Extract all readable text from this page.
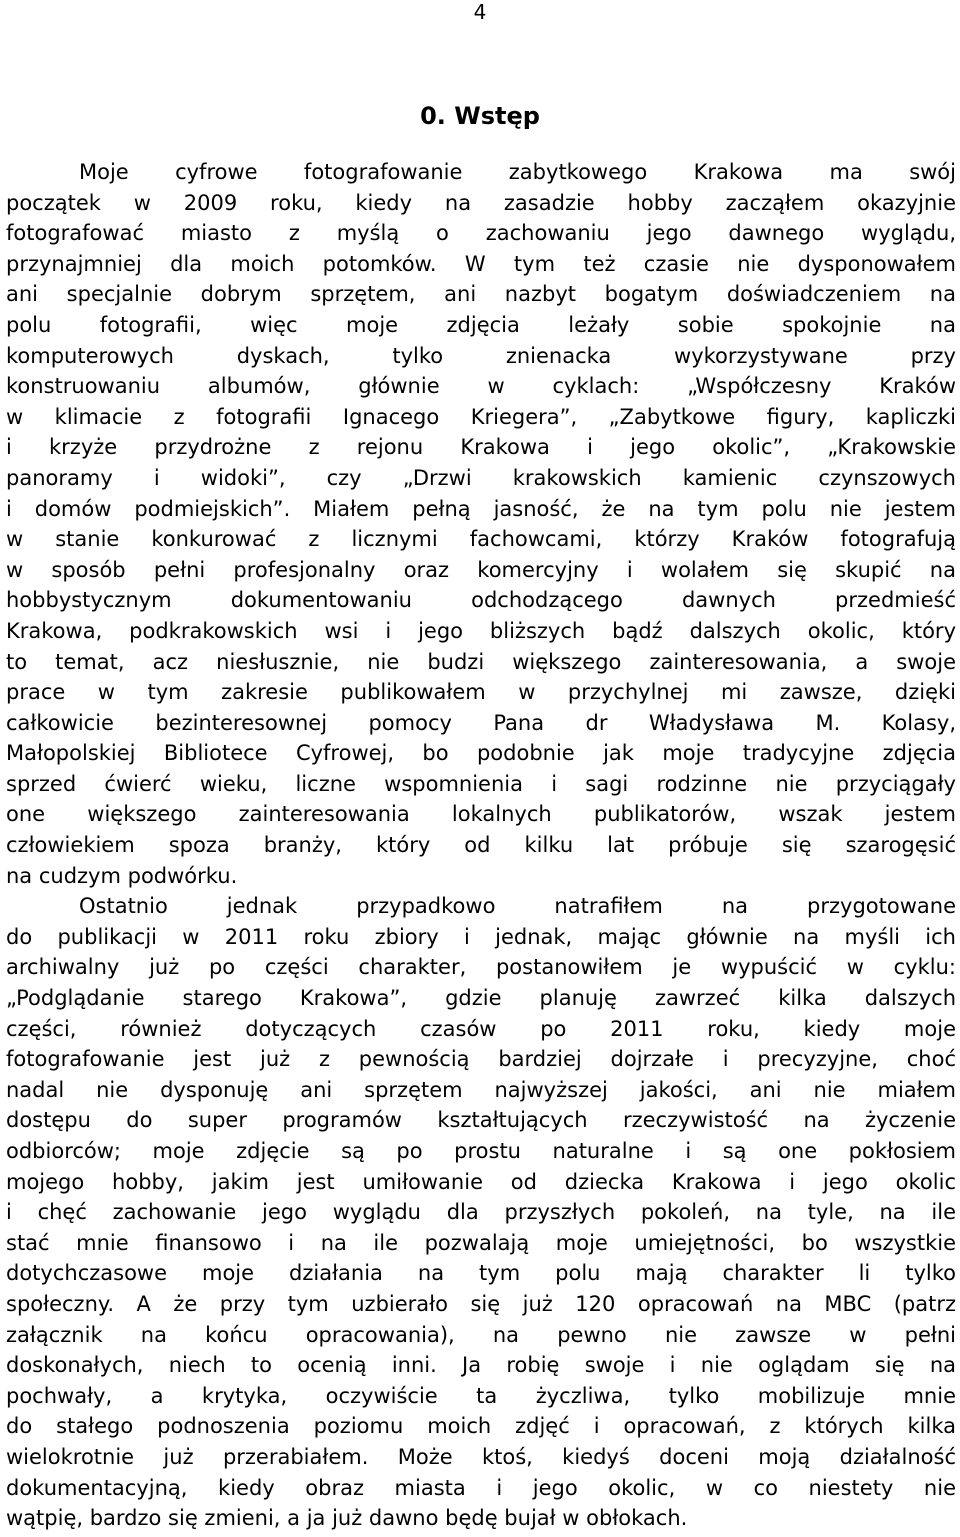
4
0. Wstęp
Moje cyfrowe fotografowanie zabytkowego Krakowa ma swój
początek w 2009 roku, kiedy na zasadzie hobby zacząłem okazyjnie
fotografować miasto z myślą o zachowaniu jego dawnego wyglądu,
przynajmniej dla moich potomków. W tym też czasie nie dysponowałem
ani specjalnie dobrym sprzętem, ani nazbyt bogatym doświadczeniem na
polu fotografii, więc moje zdjęcia leżały sobie spokojnie na
komputerowych dyskach, tylko znienacka wykorzystywane przy
konstruowaniu albumów, głównie w cyklach: „Współczesny Kraków
w klimacie z fotografii Ignacego Kriegera”, „Zabytkowe figury, kapliczki
i krzyże przydrożne z rejonu Krakowa i jego okolic”, „Krakowskie
panoramy i widoki”, czy „Drzwi krakowskich kamienic czynszowych
i domów podmiejskich”. Miałem pełną jasność, że na tym polu nie jestem
w stanie konkurować z licznymi fachowcami, którzy Kraków fotografują
w sposób pełni profesjonalny oraz komercyjny i wolałem się skupić na
hobbystycznym dokumentowaniu odchodzącego dawnych przedmieść
Krakowa, podkrakowskich wsi i jego bliższych bądź dalszych okolic, który
to temat, acz niesłusznie, nie budzi większego zainteresowania, a swoje
prace w tym zakresie publikowałem w przychylnej mi zawsze, dzięki
całkowicie bezinteresownej pomocy Pana dr Władysława M. Kolasy,
Małopolskiej Bibliotece Cyfrowej, bo podobnie jak moje tradycyjne zdjęcia
sprzed ćwierć wieku, liczne wspomnienia i sagi rodzinne nie przyciągały
one większego zainteresowania lokalnych publikatorów, wszak jestem
człowiekiem spoza branży, który od kilku lat próbuje się szarogęsić
na cudzym podwórku.
Ostatnio jednak przypadkowo natrafiłem na przygotowane
do publikacji w 2011 roku zbiory i jednak, mając głównie na myśli ich
archiwalny już po części charakter, postanowiłem je wypuścić w cyklu:
„Podglądanie starego Krakowa”, gdzie planuję zawrzeć kilka dalszych
części, również dotyczących czasów po 2011 roku, kiedy moje
fotografowanie jest już z pewnością bardziej dojrzałe i precyzyjne, choć
nadal nie dysponuję ani sprzętem najwyższej jakości, ani nie miałem
dostępu do super programów kształtujących rzeczywistość na życzenie
odbiorców; moje zdjęcie są po prostu naturalne i są one pokłosiem
mojego hobby, jakim jest umiłowanie od dziecka Krakowa i jego okolic
i chęć zachowanie jego wyglądu dla przyszłych pokoleń, na tyle, na ile
stać mnie finansowo i na ile pozwalają moje umiejętności, bo wszystkie
dotychczasowe moje działania na tym polu mają charakter li tylko
społeczny. A że przy tym uzbierało się już 120 opracowań na MBC (patrz
załącznik na końcu opracowania), na pewno nie zawsze w pełni
doskonałych, niech to ocenią inni. Ja robię swoje i nie oglądam się na
pochwały, a krytyka, oczywiście ta życzliwa, tylko mobilizuje mnie
do stałego podnoszenia poziomu moich zdjęć i opracowań, z których kilka
wielokrotnie już przerabiałem. Może ktoś, kiedyś doceni moją działalność
dokumentacyjną, kiedy obraz miasta i jego okolic, w co niestety nie
wątpię, bardzo się zmieni, a ja już dawno będę bujał w obłokach.
